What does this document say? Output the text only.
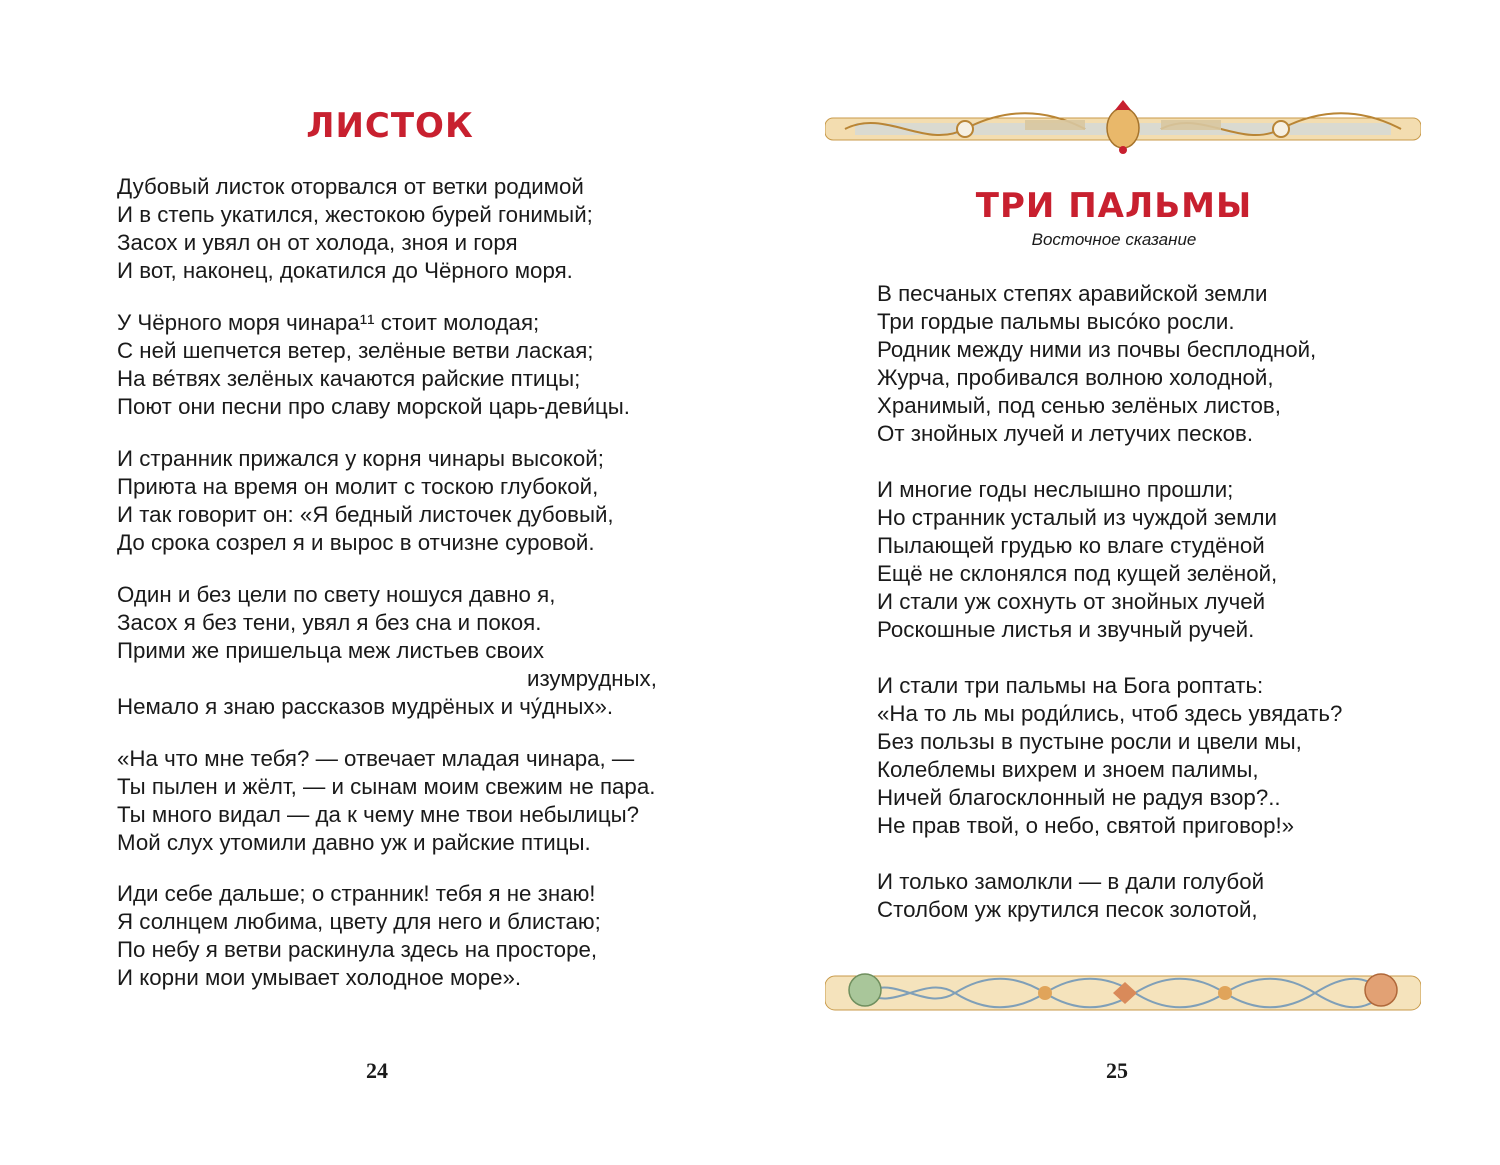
ЛИСТОК
Дубовый листок оторвался от ветки родимой
И в степь укатился, жестокою бурей гонимый;
Засох и увял он от холода, зноя и горя
И вот, наконец, докатился до Чёрного моря.
У Чёрного моря чинара¹¹ стоит молодая;
С ней шепчется ветер, зелёные ветви лаская;
На ве́твях зелёных качаются райские птицы;
Поют они песни про славу морской царь-деви́цы.
И странник прижался у корня чинары высокой;
Приюта на время он молит с тоскою глубокой,
И так говорит он: «Я бедный листочек дубовый,
До срока созрел я и вырос в отчизне суровой.
Один и без цели по свету ношуся давно я,
Засох я без тени, увял я без сна и покоя.
Прими же пришельца меж листьев своих
изумрудных,
Немало я знаю рассказов мудрёных и чу́дных».
«На что мне тебя? — отвечает младая чинара, —
Ты пылен и жёлт, — и сынам моим свежим не пара.
Ты много видал — да к чему мне твои небылицы?
Мой слух утомили давно уж и райские птицы.
Иди себе дальше; о странник! тебя я не знаю!
Я солнцем любима, цвету для него и блистаю;
По небу я ветви раскинула здесь на просторе,
И корни мои умывает холодное море».

24

ТРИ ПАЛЬМЫ

Восточное сказание

В песчаных степях аравийской земли
Три гордые пальмы высо́ко росли.
Родник между ними из почвы бесплодной,
Журча, пробивался волною холодной,
Хранимый, под сенью зелёных листов,
От знойных лучей и летучих песков.
И многие годы неслышно прошли;
Но странник усталый из чуждой земли
Пылающей грудью ко влаге студёной
Ещё не склонялся под кущей зелёной,
И стали уж сохнуть от знойных лучей
Роскошные листья и звучный ручей.
И стали три пальмы на Бога роптать:
«На то ль мы роди́лись, чтоб здесь увядать?
Без пользы в пустыне росли и цвели мы,
Колеблемы вихрем и зноем палимы,
Ничей благосклонный не радуя взор?..
Не прав твой, о небо, святой приговор!»
И только замолкли — в дали голубой
Столбом уж крутился песок золотой,

25
